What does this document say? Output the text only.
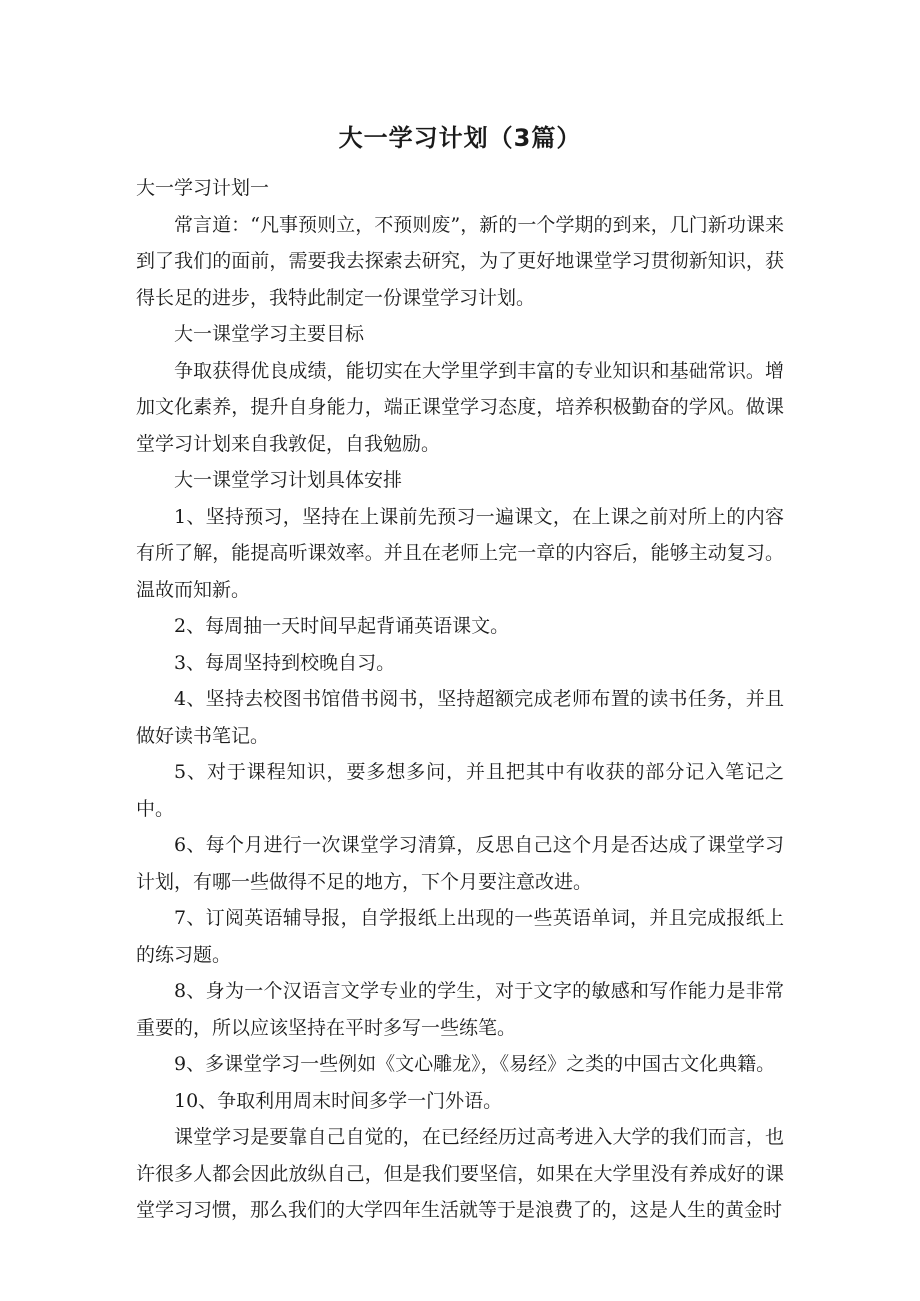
大一学习计划（3篇）

大一学习计划一

常言道：“凡事预则立，不预则废”，新的一个学期的到来，几门新功课来到了我们的面前，需要我去探索去研究，为了更好地课堂学习贯彻新知识，获得长足的进步，我特此制定一份课堂学习计划。

大一课堂学习主要目标

争取获得优良成绩，能切实在大学里学到丰富的专业知识和基础常识。增加文化素养，提升自身能力，端正课堂学习态度，培养积极勤奋的学风。做课堂学习计划来自我敦促，自我勉励。

大一课堂学习计划具体安排

1、坚持预习，坚持在上课前先预习一遍课文，在上课之前对所上的内容有所了解，能提高听课效率。并且在老师上完一章的内容后，能够主动复习。温故而知新。

2、每周抽一天时间早起背诵英语课文。

3、每周坚持到校晚自习。

4、坚持去校图书馆借书阅书，坚持超额完成老师布置的读书任务，并且做好读书笔记。

5、对于课程知识，要多想多问，并且把其中有收获的部分记入笔记之中。

6、每个月进行一次课堂学习清算，反思自己这个月是否达成了课堂学习计划，有哪一些做得不足的地方，下个月要注意改进。

7、订阅英语辅导报，自学报纸上出现的一些英语单词，并且完成报纸上的练习题。

8、身为一个汉语言文学专业的学生，对于文字的敏感和写作能力是非常重要的，所以应该坚持在平时多写一些练笔。

9、多课堂学习一些例如《文心雕龙》，《易经》之类的中国古文化典籍。

10、争取利用周末时间多学一门外语。

课堂学习是要靠自己自觉的，在已经经历过高考进入大学的我们而言，也许很多人都会因此放纵自己，但是我们要坚信，如果在大学里没有养成好的课堂学习习惯，那么我们的大学四年生活就等于是浪费了的，这是人生的黄金时
